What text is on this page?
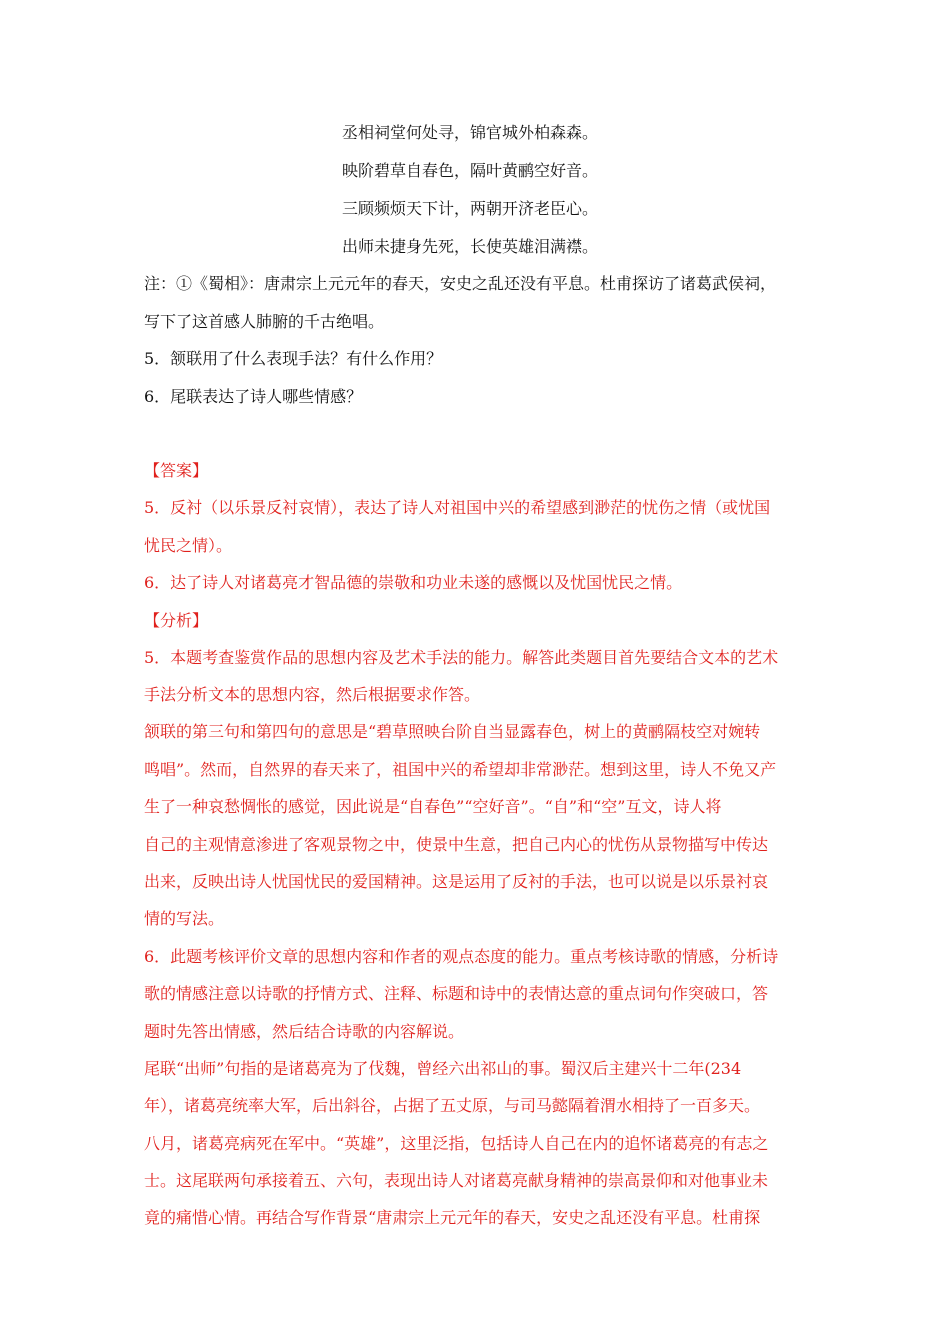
丞相祠堂何处寻，锦官城外柏森森。
映阶碧草自春色，隔叶黄鹂空好音。
三顾频烦天下计，两朝开济老臣心。
出师未捷身先死，长使英雄泪满襟。
注：①《蜀相》：唐肃宗上元元年的春天，安史之乱还没有平息。杜甫探访了诸葛武侯祠，
写下了这首感人肺腑的千古绝唱。
5．颔联用了什么表现手法？有什么作用？
6．尾联表达了诗人哪些情感？
【答案】
5．反衬（以乐景反衬哀情），表达了诗人对祖国中兴的希望感到渺茫的忧伤之情（或忧国
忧民之情）。
6．达了诗人对诸葛亮才智品德的崇敬和功业未遂的感慨以及忧国忧民之情。
【分析】
5．本题考查鉴赏作品的思想内容及艺术手法的能力。解答此类题目首先要结合文本的艺术
手法分析文本的思想内容，然后根据要求作答。
颔联的第三句和第四句的意思是“碧草照映台阶自当显露春色，树上的黄鹂隔枝空对婉转
鸣唱”。然而，自然界的春天来了，祖国中兴的希望却非常渺茫。想到这里，诗人不免又产
生了一种哀愁惆怅的感觉，因此说是“自春色”“空好音”。“自”和“空”互文，诗人将
自己的主观情意渗进了客观景物之中，使景中生意，把自己内心的忧伤从景物描写中传达
出来，反映出诗人忧国忧民的爱国精神。这是运用了反衬的手法，也可以说是以乐景衬哀
情的写法。
6．此题考核评价文章的思想内容和作者的观点态度的能力。重点考核诗歌的情感，分析诗
歌的情感注意以诗歌的抒情方式、注释、标题和诗中的表情达意的重点词句作突破口，答
题时先答出情感，然后结合诗歌的内容解说。
尾联“出师”句指的是诸葛亮为了伐魏，曾经六出祁山的事。蜀汉后主建兴十二年(234
年），诸葛亮统率大军，后出斜谷，占据了五丈原，与司马懿隔着渭水相持了一百多天。
八月，诸葛亮病死在军中。“英雄”，这里泛指，包括诗人自己在内的追怀诸葛亮的有志之
士。这尾联两句承接着五、六句，表现出诗人对诸葛亮献身精神的崇高景仰和对他事业未
竟的痛惜心情。再结合写作背景“唐肃宗上元元年的春天，安史之乱还没有平息。杜甫探
